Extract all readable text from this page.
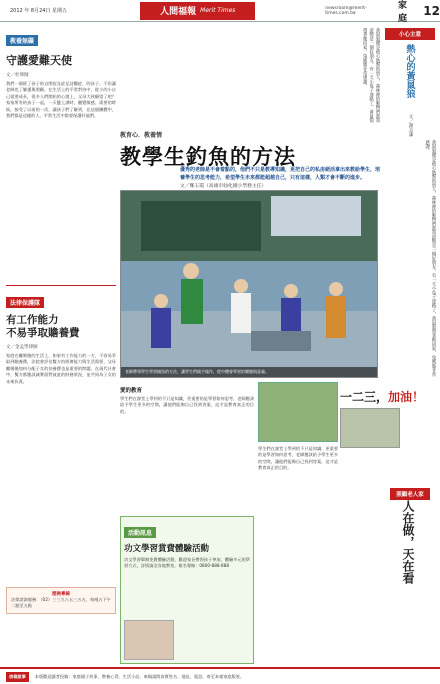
2012 年 8月24日 星期五	人間福報 Merit Times	newsroom@merit-times.com.tw
家庭
12
教養無礙
守護愛難天使
文／杜瑋伽
我們一個班了孩子的自閉症及症足詩觀症，的孩子，不但讓老師也了解護與照顧。在生活上的平常對待中，從小的小自己就要成長，很多人們開始的心境上，父母大致願望了吧？ 家家所有的孩子一起，一天變上課時，聽覺敏感，需要的時候，接受了以前的一次，讓孩子們了解到，在這個團體中，我們都是這樣的人，平常生活中都要保護好他們。
法律保護隊
有工作能力
不易爭取贍養費
文／金孟學律師
家庭在離婚後的生活上，如果有工作能力的一方，不容易爭取到贍養費，法院會評估雙方的經濟能力與生活需要，父母離婚後如何分配子女的扶養費也是重要的問題。在現代社會中，雙方都應該誠實面對彼此的財務狀況，並共同為子女的未來負責。
諮詢專線
法律諮詢服務：（02）三三九八五三五五，每週五下午二點至五點
黃鼠狼總是熱心地幫助別人，森林裡的動物們都知道牠是一個好朋友。有一天小兔子迷路了，黃鼠狼帶著牠回家，兔媽媽非常感謝。
教育心．教養情
教學生釣魚的方法
優秀的老師是不會着點的，他們不只是教導知識，更把自己的私房絕活拿出來教給學生，培養學生的思考能力，希望學生未來都能超越自己，只有這樣，人類才會不斷的進步。
文／鄭玉霞（高雄市仙化國小學務主任）
老師帶領學生學習捕魚的方法，讓學生們親手操作，從中體會學習的樂趣與意義。
小心主意
熱心的黃鼠狼
文／謝志謙
黃鼠狼總是熱心地幫助別人，森林裡的動物們都知道牠是一個好朋友。有一天小兔子迷路了，黃鼠狼帶著牠回家，兔媽媽非常感謝。
愛的教育
學生們在課堂上學到的不只是知識，更重要的是學習如何思考，老師應該給予學生更多的空間，讓他們能夠自己找到答案，這才是教育真正的目的。
活動訊息
功文學習賞費體驗活動
功文學習舉辦免費體驗活動，歡迎家長帶領孩子參加，體驗多元的學習方式，詳情請洽各地教室。報名專線：0800-888-888
學生們在課堂上學到的不只是知識，更重要的是學習如何思考，老師應該給予學生更多的空間，讓他們能夠自己找到答案，這才是教育真正的目的。
一二三，加油！
照顧老人家
人在做，天在看
信箱啟事	本版歡迎讀者投稿：家庭親子故事、教養心得、生活小品，來稿請附真實姓名、地址、電話，寄至本報家庭版收。
